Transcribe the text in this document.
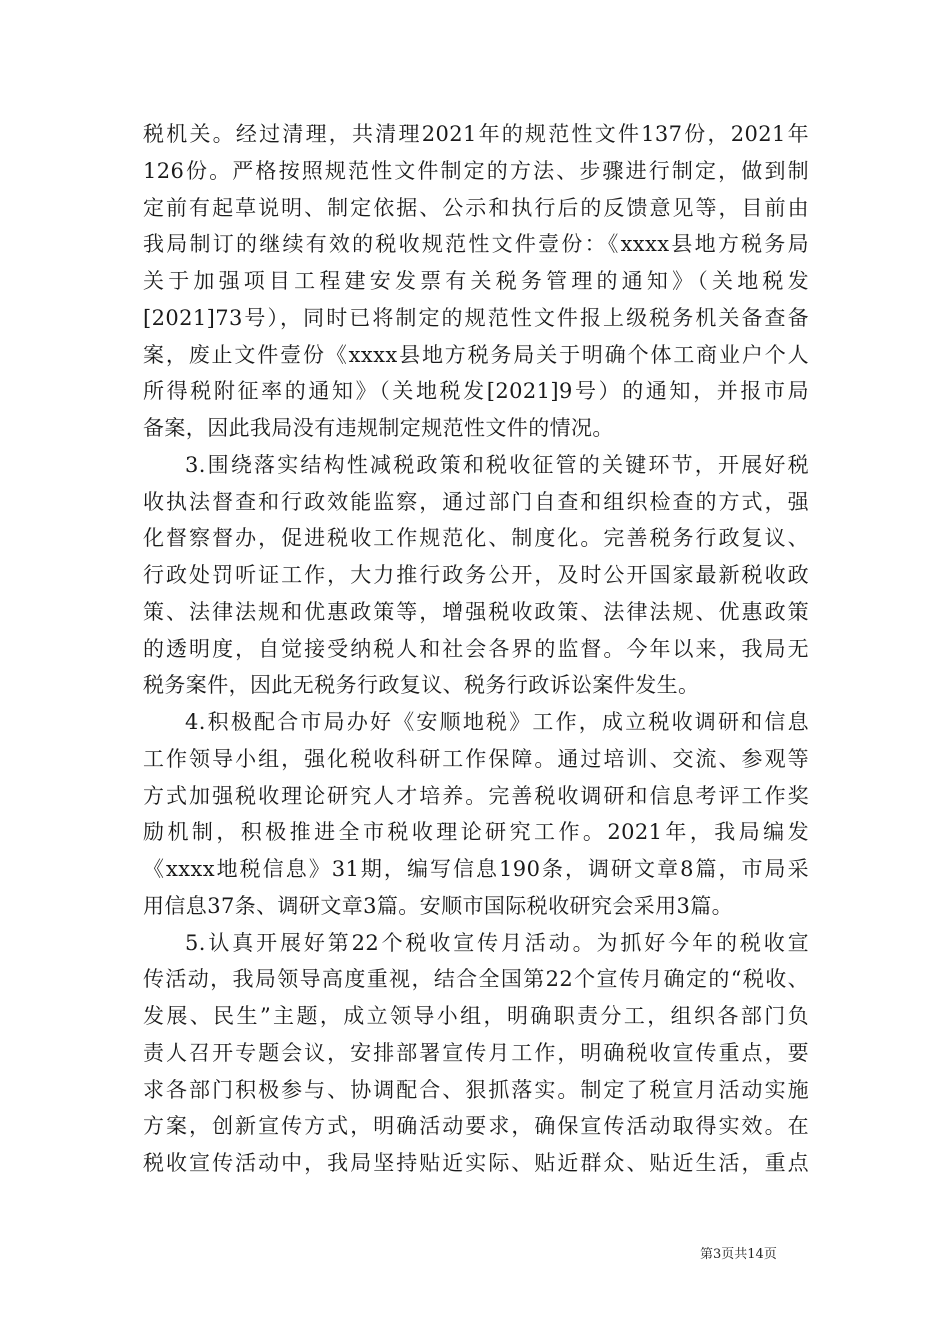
税机关。经过清理，共清理2021年的规范性文件137份，2021年
126份。严格按照规范性文件制定的方法、步骤进行制定，做到制
定前有起草说明、制定依据、公示和执行后的反馈意见等，目前由
我局制订的继续有效的税收规范性文件壹份：《xxxx县地方税务局
关于加强项目工程建安发票有关税务管理的通知》（关地税发
[2021]73号），同时已将制定的规范性文件报上级税务机关备查备
案，废止文件壹份《xxxx县地方税务局关于明确个体工商业户个人
所得税附征率的通知》（关地税发[2021]9号）的通知，并报市局
备案，因此我局没有违规制定规范性文件的情况。
3.围绕落实结构性减税政策和税收征管的关键环节，开展好税
收执法督查和行政效能监察，通过部门自查和组织检查的方式，强
化督察督办，促进税收工作规范化、制度化。完善税务行政复议、
行政处罚听证工作，大力推行政务公开，及时公开国家最新税收政
策、法律法规和优惠政策等，增强税收政策、法律法规、优惠政策
的透明度，自觉接受纳税人和社会各界的监督。今年以来，我局无
税务案件，因此无税务行政复议、税务行政诉讼案件发生。
4.积极配合市局办好《安顺地税》工作，成立税收调研和信息
工作领导小组，强化税收科研工作保障。通过培训、交流、参观等
方式加强税收理论研究人才培养。完善税收调研和信息考评工作奖
励机制，积极推进全市税收理论研究工作。2021年，我局编发
《xxxx地税信息》31期，编写信息190条，调研文章8篇，市局采
用信息37条、调研文章3篇。安顺市国际税收研究会采用3篇。
5.认真开展好第22个税收宣传月活动。为抓好今年的税收宣
传活动，我局领导高度重视，结合全国第22个宣传月确定的“税收、
发展、民生”主题，成立领导小组，明确职责分工，组织各部门负
责人召开专题会议，安排部署宣传月工作，明确税收宣传重点，要
求各部门积极参与、协调配合、狠抓落实。制定了税宣月活动实施
方案，创新宣传方式，明确活动要求，确保宣传活动取得实效。在
税收宣传活动中，我局坚持贴近实际、贴近群众、贴近生活，重点
第3页共14页
